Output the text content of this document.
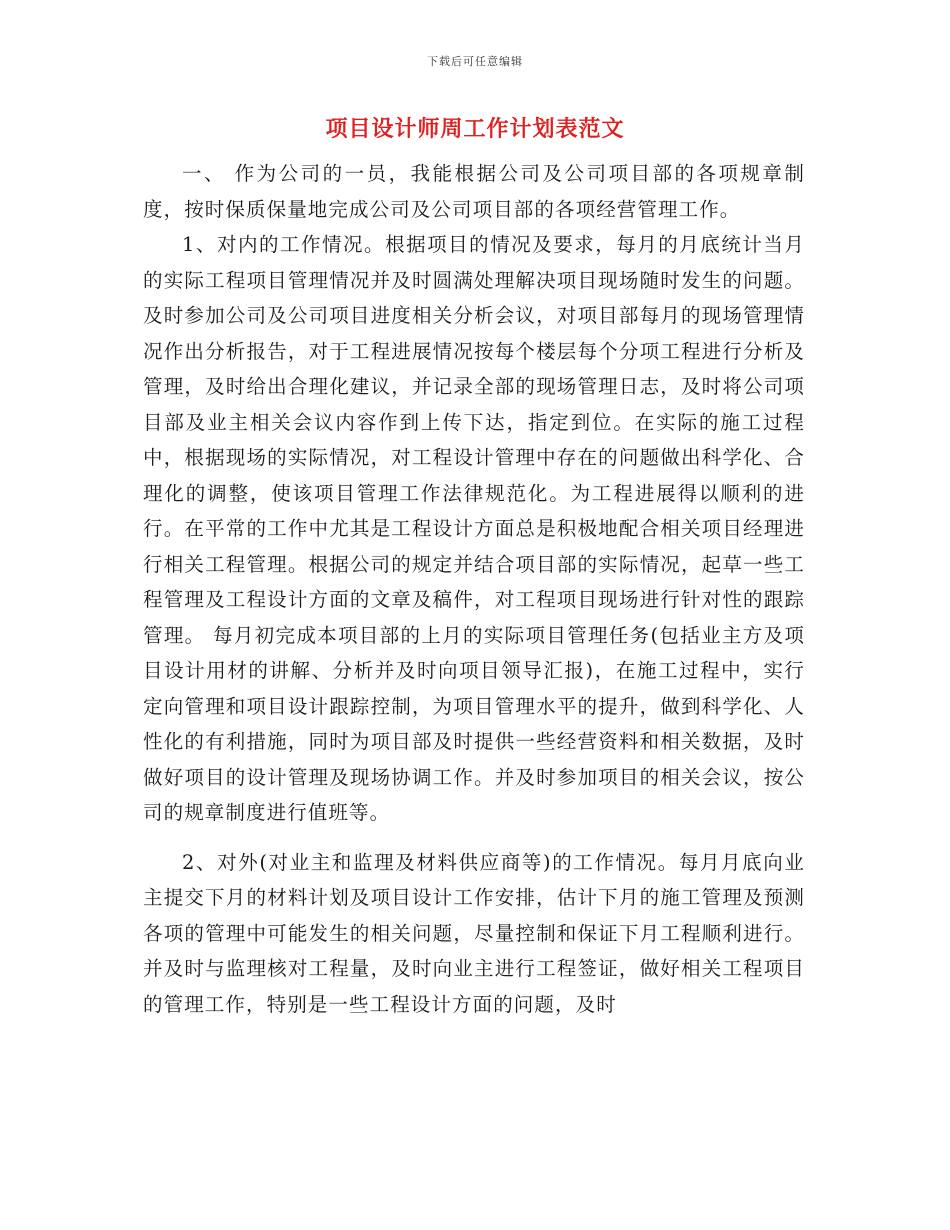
下载后可任意编辑
项目设计师周工作计划表范文

一、 作为公司的一员，我能根据公司及公司项目部的各项规章制度，按时保质保量地完成公司及公司项目部的各项经营管理工作。

1、对内的工作情况。根据项目的情况及要求，每月的月底统计当月的实际工程项目管理情况并及时圆满处理解决项目现场随时发生的问题。及时参加公司及公司项目进度相关分析会议，对项目部每月的现场管理情况作出分析报告，对于工程进展情况按每个楼层每个分项工程进行分析及管理，及时给出合理化建议，并记录全部的现场管理日志，及时将公司项目部及业主相关会议内容作到上传下达，指定到位。在实际的施工过程中，根据现场的实际情况，对工程设计管理中存在的问题做出科学化、合理化的调整，使该项目管理工作法律规范化。为工程进展得以顺利的进行。在平常的工作中尤其是工程设计方面总是积极地配合相关项目经理进行相关工程管理。根据公司的规定并结合项目部的实际情况，起草一些工程管理及工程设计方面的文章及稿件，对工程项目现场进行针对性的跟踪管理。 每月初完成本项目部的上月的实际项目管理任务(包括业主方及项目设计用材的讲解、分析并及时向项目领导汇报)，在施工过程中，实行定向管理和项目设计跟踪控制，为项目管理水平的提升，做到科学化、人性化的有利措施，同时为项目部及时提供一些经营资料和相关数据，及时做好项目的设计管理及现场协调工作。并及时参加项目的相关会议，按公司的规章制度进行值班等。

2、对外(对业主和监理及材料供应商等)的工作情况。每月月底向业主提交下月的材料计划及项目设计工作安排，估计下月的施工管理及预测各项的管理中可能发生的相关问题，尽量控制和保证下月工程顺利进行。并及时与监理核对工程量，及时向业主进行工程签证，做好相关工程项目的管理工作，特别是一些工程设计方面的问题，及时
